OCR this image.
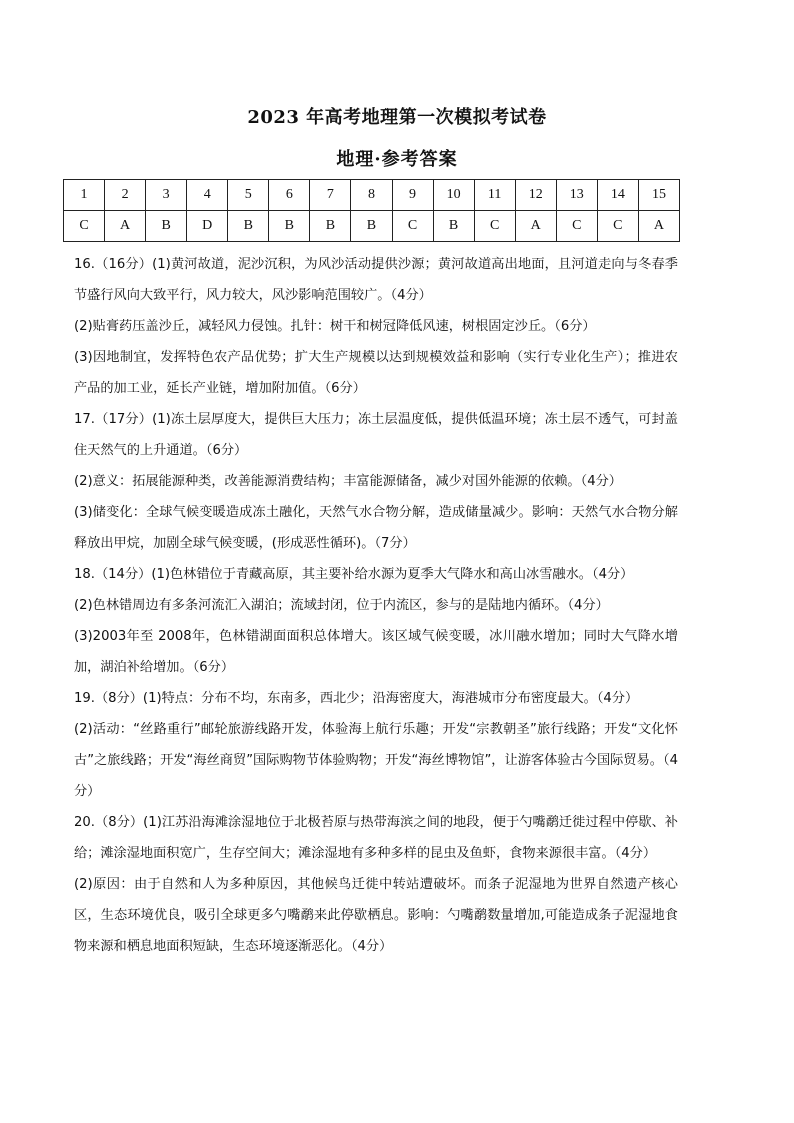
2023 年高考地理第一次模拟考试卷
地理·参考答案
1	2	3	4	5	6	7	8	9	10	11	12	13	14	15
C	A	B	D	B	B	B	B	C	B	C	A	C	C	A

16.（16分）(1)黄河故道，泥沙沉积，为风沙活动提供沙源；黄河故道高出地面，且河道走向与冬春季节盛行风向大致平行，风力较大，风沙影响范围较广。（4分）

(2)贴膏药压盖沙丘，减轻风力侵蚀。扎针：树干和树冠降低风速，树根固定沙丘。（6分）

(3)因地制宜，发挥特色农产品优势；扩大生产规模以达到规模效益和影响（实行专业化生产）；推进农产品的加工业，延长产业链，增加附加值。（6分）

17.（17分）(1)冻土层厚度大，提供巨大压力；冻土层温度低，提供低温环境；冻土层不透气，可封盖住天然气的上升通道。（6分）

(2)意义：拓展能源种类，改善能源消费结构；丰富能源储备，减少对国外能源的依赖。（4分）

(3)储变化：全球气候变暖造成冻土融化，天然气水合物分解，造成储量减少。影响：天然气水合物分解释放出甲烷，加剧全球气候变暖，(形成恶性循环)。（7分）

18.（14分）(1)色林错位于青藏高原，其主要补给水源为夏季大气降水和高山冰雪融水。（4分）

(2)色林错周边有多条河流汇入湖泊；流域封闭，位于内流区，参与的是陆地内循环。（4分）

(3)2003年至 2008年，色林错湖面面积总体增大。该区域气候变暖，冰川融水增加；同时大气降水增加，湖泊补给增加。（6分）

19.（8分）(1)特点：分布不均，东南多，西北少；沿海密度大，海港城市分布密度最大。（4分）

(2)活动：“丝路重行”邮轮旅游线路开发，体验海上航行乐趣；开发“宗教朝圣”旅行线路；开发“文化怀古”之旅线路；开发“海丝商贸”国际购物节体验购物；开发“海丝博物馆”，让游客体验古今国际贸易。（4分）

20.（8分）(1)江苏沿海滩涂湿地位于北极苔原与热带海滨之间的地段，便于勺嘴鹬迁徙过程中停歇、补给；滩涂湿地面积宽广，生存空间大；滩涂湿地有多种多样的昆虫及鱼虾，食物来源很丰富。（4分）

(2)原因：由于自然和人为多种原因，其他候鸟迁徙中转站遭破坏。而条子泥湿地为世界自然遗产核心区，生态环境优良，吸引全球更多勺嘴鹬来此停歇栖息。影响：勺嘴鹬数量增加,可能造成条子泥湿地食物来源和栖息地面积短缺，生态环境逐渐恶化。（4分）
